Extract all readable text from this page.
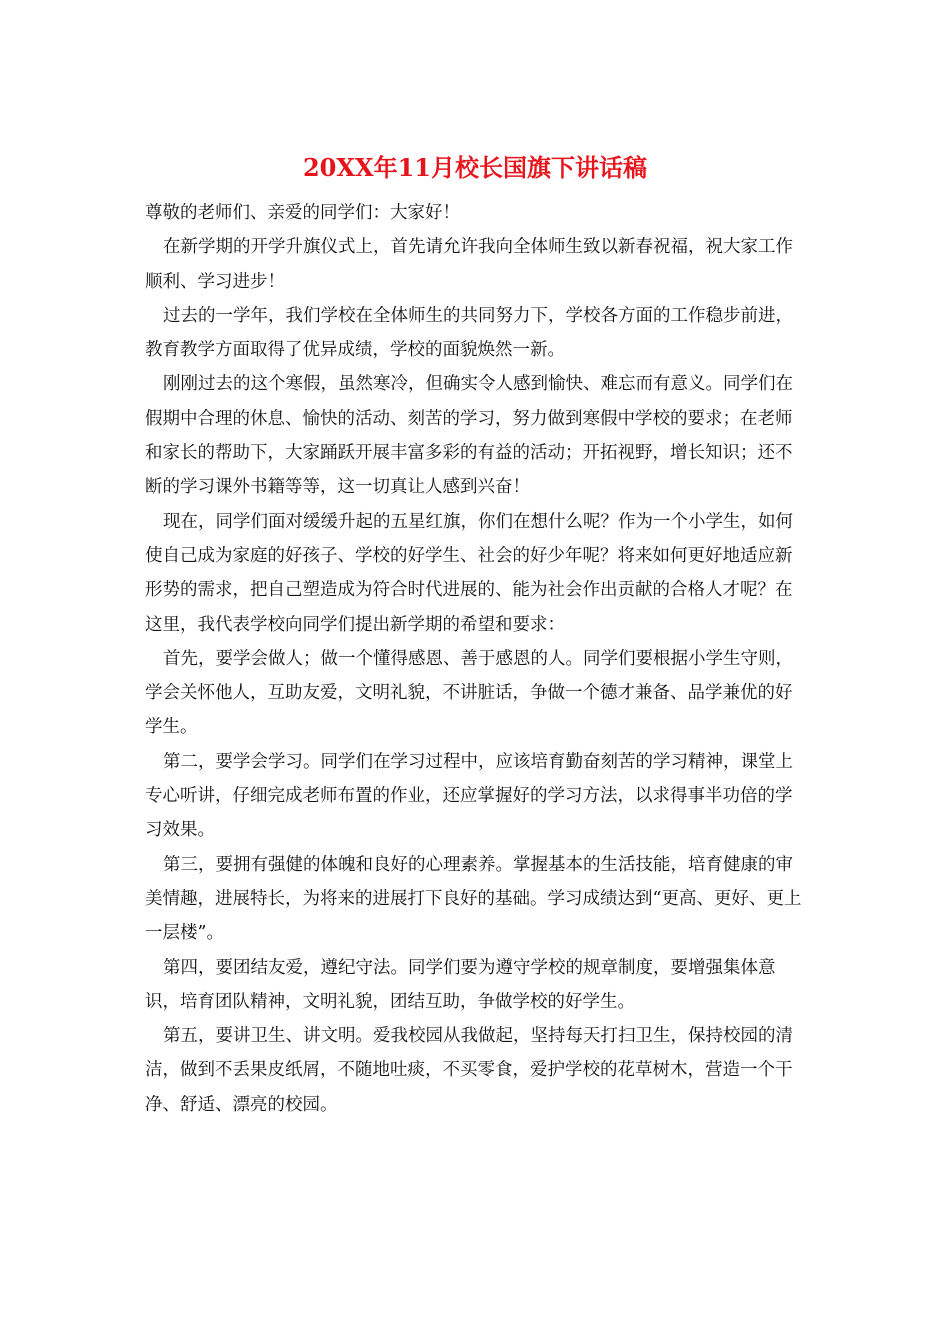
20XX年11月校长国旗下讲话稿

尊敬的老师们、亲爱的同学们：大家好！

在新学期的开学升旗仪式上，首先请允许我向全体师生致以新春祝福，祝大家工作顺利、学习进步！

过去的一学年，我们学校在全体师生的共同努力下，学校各方面的工作稳步前进，教育教学方面取得了优异成绩，学校的面貌焕然一新。

刚刚过去的这个寒假，虽然寒冷，但确实令人感到愉快、难忘而有意义。同学们在假期中合理的休息、愉快的活动、刻苦的学习，努力做到寒假中学校的要求；在老师和家长的帮助下，大家踊跃开展丰富多彩的有益的活动；开拓视野，增长知识；还不断的学习课外书籍等等，这一切真让人感到兴奋！

现在，同学们面对缓缓升起的五星红旗，你们在想什么呢？作为一个小学生，如何使自己成为家庭的好孩子、学校的好学生、社会的好少年呢？将来如何更好地适应新形势的需求，把自己塑造成为符合时代进展的、能为社会作出贡献的合格人才呢？在这里，我代表学校向同学们提出新学期的希望和要求：

首先，要学会做人；做一个懂得感恩、善于感恩的人。同学们要根据小学生守则，学会关怀他人，互助友爱，文明礼貌，不讲脏话，争做一个德才兼备、品学兼优的好学生。

第二，要学会学习。同学们在学习过程中，应该培育勤奋刻苦的学习精神，课堂上专心听讲，仔细完成老师布置的作业，还应掌握好的学习方法，以求得事半功倍的学习效果。

第三，要拥有强健的体魄和良好的心理素养。掌握基本的生活技能，培育健康的审美情趣，进展特长，为将来的进展打下良好的基础。学习成绩达到“更高、更好、更上一层楼”。

第四，要团结友爱，遵纪守法。同学们要为遵守学校的规章制度，要增强集体意识，培育团队精神，文明礼貌，团结互助，争做学校的好学生。

第五，要讲卫生、讲文明。爱我校园从我做起，坚持每天打扫卫生，保持校园的清洁，做到不丢果皮纸屑，不随地吐痰，不买零食，爱护学校的花草树木，营造一个干净、舒适、漂亮的校园。
